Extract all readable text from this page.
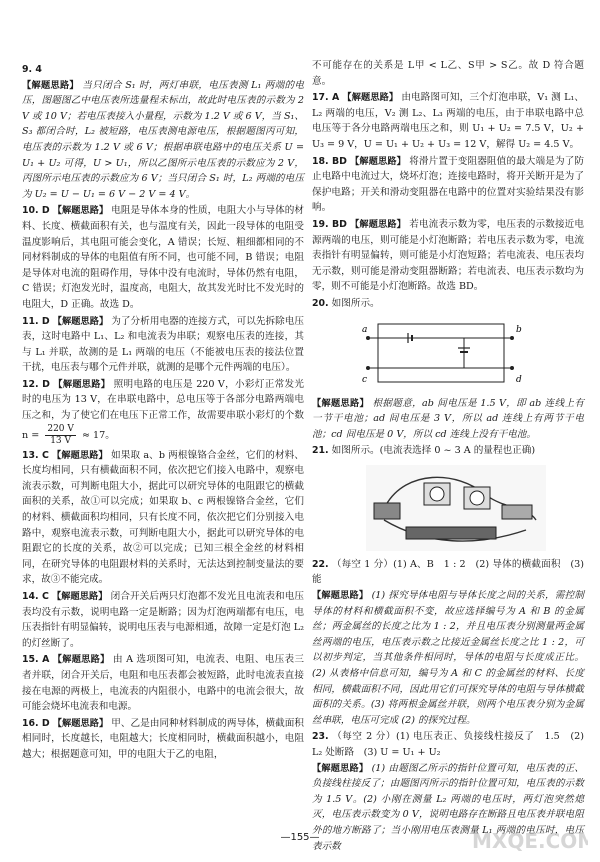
9. 4
【解题思路】 当只闭合 S₁ 时，两灯串联，电压表测 L₁ 两端的电压，图题图乙中电压表所选量程未标出，故此时电压表的示数为 2 V 或 10 V；若电压表接入小量程，示数为 1.2 V 或 6 V，当 S₁、S₃ 都闭合时，L₂ 被短路，电压表测电源电压，根据题图丙可知，电压表的示数为 1.2 V 或 6 V；根据串联电路中的电压关系 U = U₁ + U₂ 可得，U > U₁，所以乙图所示电压表的示数应为 2 V，丙图所示电压表的示数应为 6 V；当只闭合 S₁ 时，L₂ 两端的电压为 U₂ = U − U₁ = 6 V − 2 V = 4 V。
10. D 【解题思路】 电阻是导体本身的性质，电阻大小与导体的材料、长度、横截面积有关，也与温度有关，因此一段导体的电阻受温度影响后，其电阻可能会变化，A 错误；长短、粗细都相同的不同材料制成的导体的电阻值有所不同，也可能不同，B 错误；电阻是导体对电流的阻碍作用，导体中没有电流时，导体仍然有电阻，C 错误；灯泡发光时，温度高，电阻大，故其发光时比不发光时的电阻大，D 正确。故选 D。
11. D 【解题思路】 为了分析用电器的连接方式，可以先拆除电压表，这时电路中 L₁、L₂ 和电流表为串联；观察电压表的连接，其与 L₁ 并联，故测的是 L₁ 两端的电压（不能被电压表的接法位置干扰，电压表与哪个元件并联，就测的是哪个元件两端的电压）。
12. D 【解题思路】 照明电路的电压是 220 V，小彩灯正常发光时的电压为 13 V，在串联电路中，总电压等于各部分电路两端电压之和，为了使它们在电压下正常工作，故需要串联小彩灯的个数 $n = \frac{220 V}{13 V} \approx 17$。
13. C 【解题思路】 如果取 a、b 两根镍铬合金丝，它们的材料、长度均相同，只有横截面积不同，依次把它们接入电路中，观察电流表示数，可判断电阻大小，据此可以研究导体的电阻跟它的横截面积的关系，故①可以完成；如果取 b、c 两根镍铬合金丝，它们的材料、横截面积均相同，只有长度不同，依次把它们分别接入电路中，观察电流表示数，可判断电阻大小，据此可以研究导体的电阻跟它的长度的关系，故②可以完成；已知三根全金丝的材料相同，在研究导体的电阻跟材料的关系时，无法达到控制变量法的要求，故③不能完成。
14. C 【解题思路】 闭合开关后两只灯泡都不发光且电流表和电压表均没有示数，说明电路一定是断路；因为灯泡两端都有电压，电压表指针有明显偏转，说明电压表与电源相通，故障一定是灯泡 L₂ 的灯丝断了。
15. A 【解题思路】 由 A 选项图可知，电流表、电阻、电压表三者并联，闭合开关后，电阻和电压表都会被短路，此时电流表直接接在电源的两极上，电流表的内阻很小，电路中的电流会很大，故可能会烧坏电流表和电源。
16. D 【解题思路】 甲、乙是由同种材料制成的两导体，横截面积相同时，长度越长，电阻越大；长度相同时，横截面积越小，电阻越大；根据题意可知，甲的电阻大于乙的电阻，
不可能存在的关系是 L甲 < L乙、S甲 > S乙。故 D 符合题意。
17. A 【解题思路】 由电路图可知，三个灯泡串联，V₁ 测 L₁、L₂ 两端的电压，V₂ 测 L₂、L₃ 两端的电压，由于串联电路中总电压等于各分电路两端电压之和，则 U₁ + U₂ = 7.5 V，U₂ + U₃ = 9 V，U = U₁ + U₂ + U₃ = 12 V，解得 U₂ = 4.5 V。
18. BD 【解题思路】 将滑片置于变阻器阻值的最大端是为了防止电路中电流过大，烧坏灯泡；连接电路时，将开关断开是为了保护电路；开关和滑动变阻器在电路中的位置对实验结果没有影响。
19. BD 【解题思路】 若电流表示数为零，电压表的示数接近电源两端的电压，则可能是小灯泡断路；若电压表示数为零，电流表指针有明显偏转，则可能是小灯泡短路；若电流表、电压表均无示数，则可能是滑动变阻器断路；若电流表、电压表示数均为零，则不可能是小灯泡断路。故选 BD。
20. 如图所示。
a
c
b
d
【解题思路】 根据题意，ab 间电压是 1.5 V，即 ab 连线上有一节干电池；ad 间电压是 3 V，所以 ad 连线上有两节干电池；cd 间电压是 0 V，所以 cd 连线上没有干电池。
21. 如图所示。(电流表选择 0 ~ 3 A 的量程也正确)
22. （每空 1 分）(1) A、B　1 : 2　(2) 导体的横截面积　(3) 能
【解题思路】 (1) 探究导体电阻与导体长度之间的关系，需控制导体的材料和横截面积不变，故应选择编号为 A 和 B 的金属丝；两金属丝的长度之比为 1 : 2，并且电压表分别测量两金属丝两端的电压，电压表示数之比接近金属丝长度之比 1 : 2，可以初步判定，当其他条件相同时，导体的电阻与长度成正比。(2) 从表格中信息可知，编号为 A 和 C 的金属丝的材料、长度相同，横截面积不同，因此用它们可探究导体的电阻与导体横截面积的关系。(3) 将两根金属丝并联，则两个电压表分别为金属丝串联，电压可完成 (2) 的探究过程。
23. （每空 2 分）(1) 电压表正、负接线柱接反了　1.5　(2) L₂ 处断路　(3) U = U₁ + U₂
【解题思路】 (1) 由题图乙所示的指针位置可知，电压表的正、负接线柱接反了；由题图丙所示的指针位置可知，电压表的示数为 1.5 V。(2) 小刚在测量 L₂ 两端的电压时，两灯泡突然熄灭，电压表示数变为 0 V，说明电路存在断路且电压表并联电阻外的地方断路了；当小刚用电压表测量 L₁ 两端的电压时，电压表示数
—155—	MXQE.COM
